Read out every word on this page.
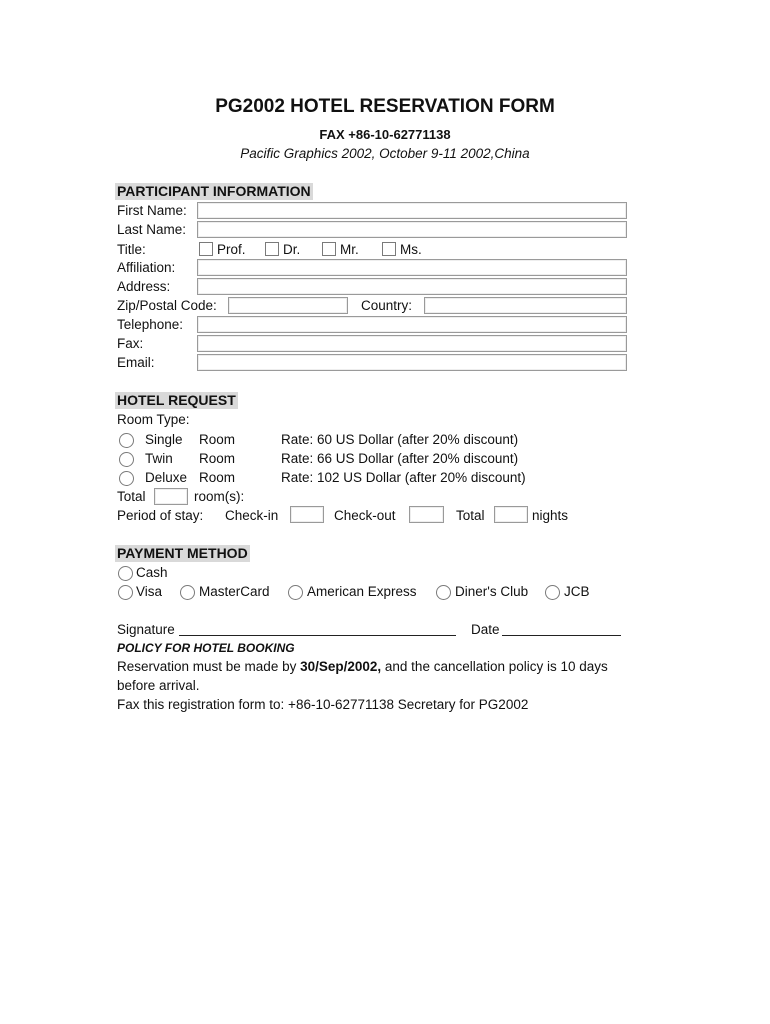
PG2002 HOTEL RESERVATION FORM
FAX +86-10-62771138
Pacific Graphics 2002, October 9-11 2002,China
PARTICIPANT INFORMATION
First Name:
Last Name:
Title:	Prof.	Dr.	Mr.	Ms.
Affiliation:
Address:
Zip/Postal Code:	Country:
Telephone:
Fax:
Email:
HOTEL REQUEST
Room Type:
Single Room	Rate: 60 US Dollar (after 20% discount)
Twin Room	Rate: 66 US Dollar (after 20% discount)
Deluxe Room	Rate: 102 US Dollar (after 20% discount)
Total	room(s):
Period of stay: Check-in	Check-out	Total	nights
PAYMENT METHOD
Cash
Visa	MasterCard	American Express	Diner's Club	JCB
Signature	Date
POLICY FOR HOTEL BOOKING
Reservation must be made by 30/Sep/2002, and the cancellation policy is 10 days
before arrival.
Fax this registration form to: +86-10-62771138 Secretary for PG2002
